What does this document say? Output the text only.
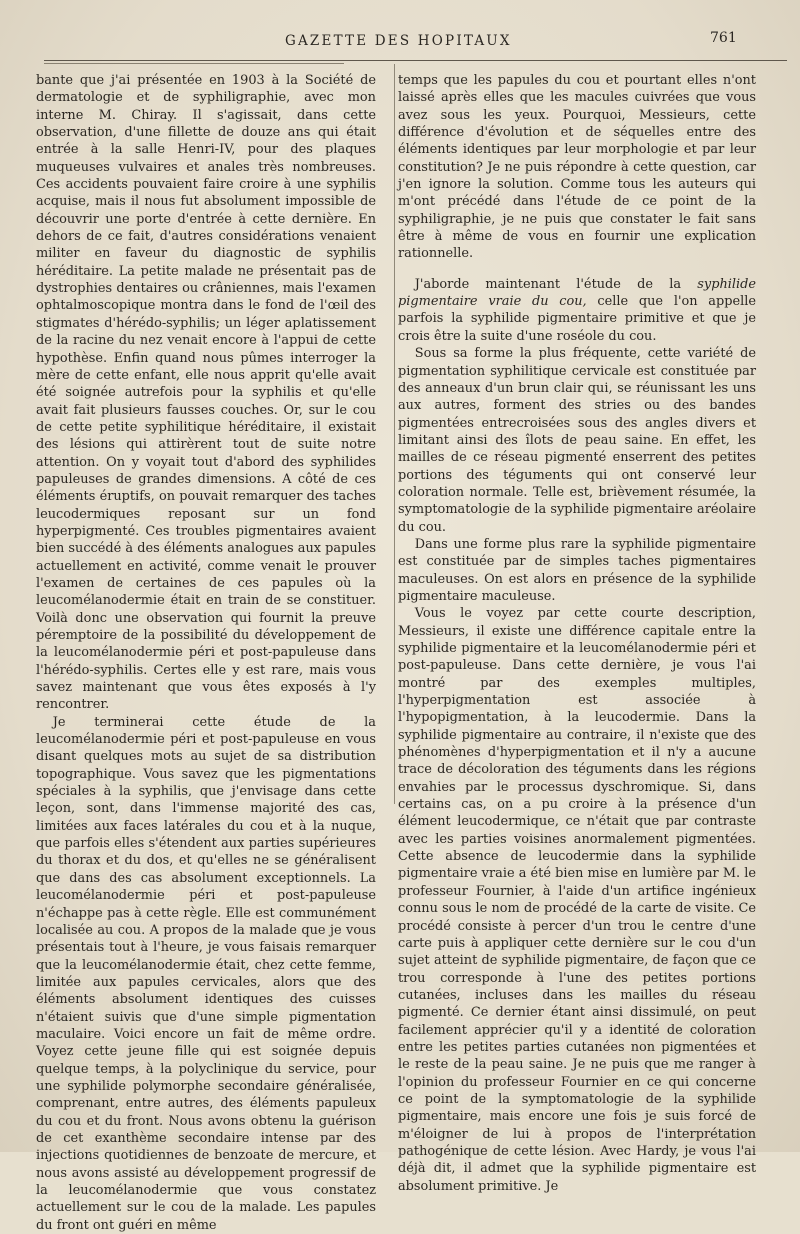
GAZETTE DES HOPITAUX	761

bante que j'ai présentée en 1903 à la Société de dermatologie et de syphiligraphie, avec mon interne M. Chiray. Il s'agissait, dans cette observation, d'une fillette de douze ans qui était entrée à la salle Henri-IV, pour des plaques muqueuses vulvaires et anales très nombreuses. Ces accidents pouvaient faire croire à une syphilis acquise, mais il nous fut absolument impossible de découvrir une porte d'entrée à cette dernière. En dehors de ce fait, d'autres considérations venaient militer en faveur du diagnostic de syphilis héréditaire. La petite malade ne présentait pas de dystrophies dentaires ou crâniennes, mais l'examen ophtalmoscopique montra dans le fond de l'œil des stigmates d'hérédo-syphilis; un léger aplatissement de la racine du nez venait encore à l'appui de cette hypothèse. Enfin quand nous pûmes interroger la mère de cette enfant, elle nous apprit qu'elle avait été soignée autrefois pour la syphilis et qu'elle avait fait plusieurs fausses couches. Or, sur le cou de cette petite syphilitique héréditaire, il existait des lésions qui attirèrent tout de suite notre attention. On y voyait tout d'abord des syphilides papuleuses de grandes dimensions. A côté de ces éléments éruptifs, on pouvait remarquer des taches leucodermiques reposant sur un fond hyperpigmenté. Ces troubles pigmentaires avaient bien succédé à des éléments analogues aux papules actuellement en activité, comme venait le prouver l'examen de certaines de ces papules où la leucomélanodermie était en train de se constituer. Voilà donc une observation qui fournit la preuve péremptoire de la possibilité du développement de la leucomélanodermie péri et post-papuleuse dans l'hérédo-syphilis. Certes elle y est rare, mais vous savez maintenant que vous êtes exposés à l'y rencontrer.

Je terminerai cette étude de la leucomélanodermie péri et post-papuleuse en vous disant quelques mots au sujet de sa distribution topographique. Vous savez que les pigmentations spéciales à la syphilis, que j'envisage dans cette leçon, sont, dans l'immense majorité des cas, limitées aux faces latérales du cou et à la nuque, que parfois elles s'étendent aux parties supérieures du thorax et du dos, et qu'elles ne se généralisent que dans des cas absolument exceptionnels. La leucomélanodermie péri et post-papuleuse n'échappe pas à cette règle. Elle est communément localisée au cou. A propos de la malade que je vous présentais tout à l'heure, je vous faisais remarquer que la leucomélanodermie était, chez cette femme, limitée aux papules cervicales, alors que des éléments absolument identiques des cuisses n'étaient suivis que d'une simple pigmentation maculaire. Voici encore un fait de même ordre. Voyez cette jeune fille qui est soignée depuis quelque temps, à la polyclinique du service, pour une syphilide polymorphe secondaire généralisée, comprenant, entre autres, des éléments papuleux du cou et du front. Nous avons obtenu la guérison de cet exanthème secondaire intense par des injections quotidiennes de benzoate de mercure, et nous avons assisté au développement progressif de la leucomélanodermie que vous constatez actuellement sur le cou de la malade. Les papules du front ont guéri en même

temps que les papules du cou et pourtant elles n'ont laissé après elles que les macules cuivrées que vous avez sous les yeux. Pourquoi, Messieurs, cette différence d'évolution et de séquelles entre des éléments identiques par leur morphologie et par leur constitution? Je ne puis répondre à cette question, car j'en ignore la solution. Comme tous les auteurs qui m'ont précédé dans l'étude de ce point de la syphiligraphie, je ne puis que constater le fait sans être à même de vous en fournir une explication rationnelle.

J'aborde maintenant l'étude de la syphilide pigmentaire vraie du cou, celle que l'on appelle parfois la syphilide pigmentaire primitive et que je crois être la suite d'une roséole du cou.

Sous sa forme la plus fréquente, cette variété de pigmentation syphilitique cervicale est constituée par des anneaux d'un brun clair qui, se réunissant les uns aux autres, forment des stries ou des bandes pigmentées entrecroisées sous des angles divers et limitant ainsi des îlots de peau saine. En effet, les mailles de ce réseau pigmenté enserrent des petites portions des téguments qui ont conservé leur coloration normale. Telle est, brièvement résumée, la symptomatologie de la syphilide pigmentaire aréolaire du cou.

Dans une forme plus rare la syphilide pigmentaire est constituée par de simples taches pigmentaires maculeuses. On est alors en présence de la syphilide pigmentaire maculeuse.

Vous le voyez par cette courte description, Messieurs, il existe une différence capitale entre la syphilide pigmentaire et la leucomélanodermie péri et post-papuleuse. Dans cette dernière, je vous l'ai montré par des exemples multiples, l'hyperpigmentation est associée à l'hypopigmentation, à la leucodermie. Dans la syphilide pigmentaire au contraire, il n'existe que des phénomènes d'hyperpigmentation et il n'y a aucune trace de décoloration des téguments dans les régions envahies par le processus dyschromique. Si, dans certains cas, on a pu croire à la présence d'un élément leucodermique, ce n'était que par contraste avec les parties voisines anormalement pigmentées. Cette absence de leucodermie dans la syphilide pigmentaire vraie a été bien mise en lumière par M. le professeur Fournier, à l'aide d'un artifice ingénieux connu sous le nom de procédé de la carte de visite. Ce procédé consiste à percer d'un trou le centre d'une carte puis à appliquer cette dernière sur le cou d'un sujet atteint de syphilide pigmentaire, de façon que ce trou corresponde à l'une des petites portions cutanées, incluses dans les mailles du réseau pigmenté. Ce dernier étant ainsi dissimulé, on peut facilement apprécier qu'il y a identité de coloration entre les petites parties cutanées non pigmentées et le reste de la peau saine. Je ne puis que me ranger à l'opinion du professeur Fournier en ce qui concerne ce point de la symptomatologie de la syphilide pigmentaire, mais encore une fois je suis forcé de m'éloigner de lui à propos de l'interprétation pathogénique de cette lésion. Avec Hardy, je vous l'ai déjà dit, il admet que la syphilide pigmentaire est absolument primitive. Je
